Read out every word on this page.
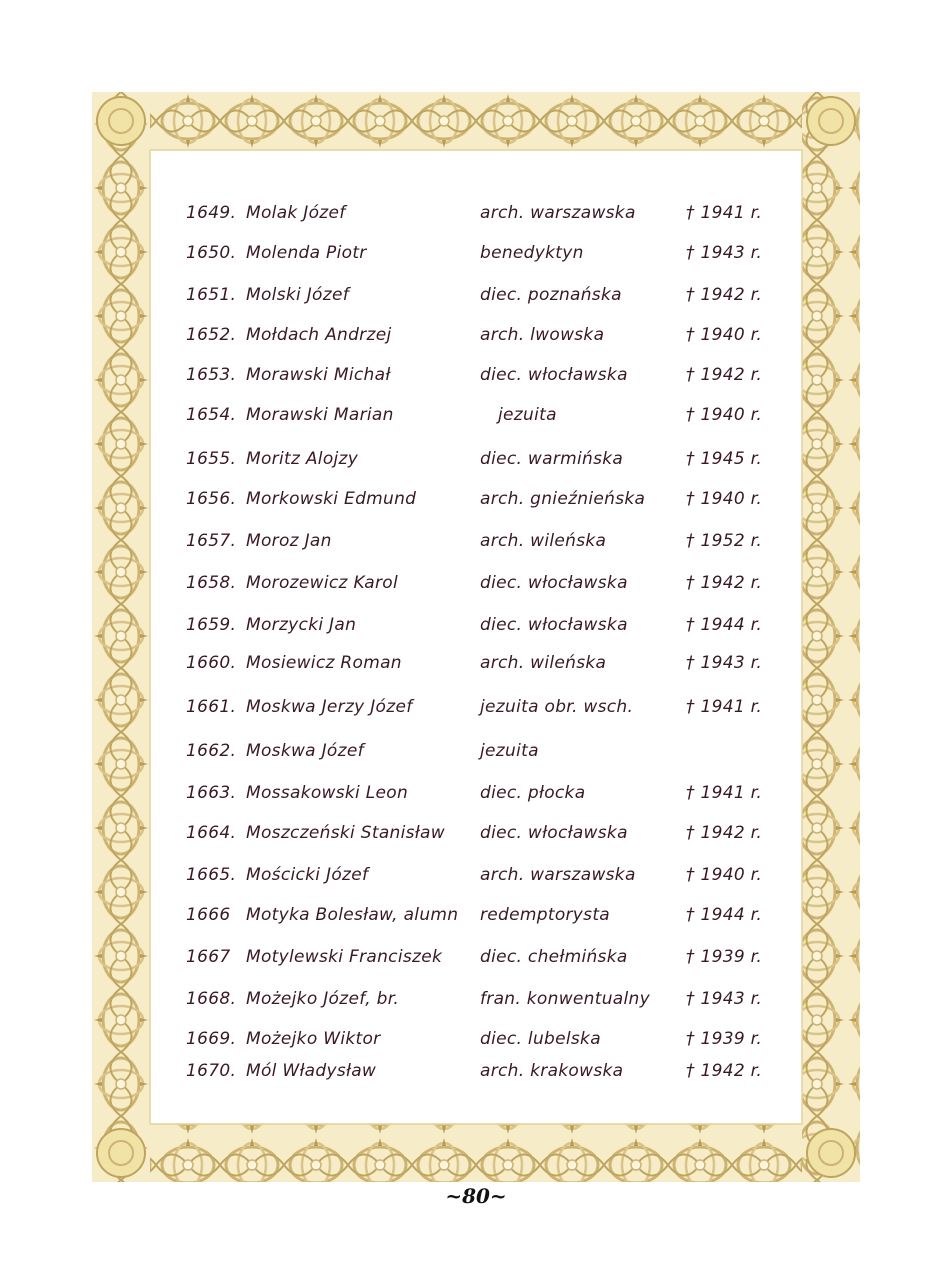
1649. Molak Józef	arch. warszawska	† 1941 r.
1650. Molenda Piotr	benedyktyn	† 1943 r.
1651. Molski Józef	diec. poznańska	† 1942 r.
1652. Mołdach Andrzej	arch. lwowska	† 1940 r.
1653. Morawski Michał	diec. włocławska	† 1942 r.
1654. Morawski Marian	jezuita	† 1940 r.
1655. Moritz Alojzy	diec. warmińska	† 1945 r.
1656. Morkowski Edmund	arch. gnieźnieńska	† 1940 r.
1657. Moroz Jan	arch. wileńska	† 1952 r.
1658. Morozewicz Karol	diec. włocławska	† 1942 r.
1659. Morzycki Jan	diec. włocławska	† 1944 r.
1660. Mosiewicz Roman	arch. wileńska	† 1943 r.
1661. Moskwa Jerzy Józef	jezuita obr. wsch.	† 1941 r.
1662. Moskwa Józef	jezuita
1663. Mossakowski Leon	diec. płocka	† 1941 r.
1664. Moszczeński Stanisław	diec. włocławska	† 1942 r.
1665. Mościcki Józef	arch. warszawska	† 1940 r.
1666 Motyka Bolesław, alumn	redemptorysta	† 1944 r.
1667 Motylewski Franciszek	diec. chełmińska	† 1939 r.
1668. Możejko Józef, br.	fran. konwentualny	† 1943 r.
1669. Możejko Wiktor	diec. lubelska	† 1939 r.
1670. Mól Władysław	arch. krakowska	† 1942 r.
~80~
